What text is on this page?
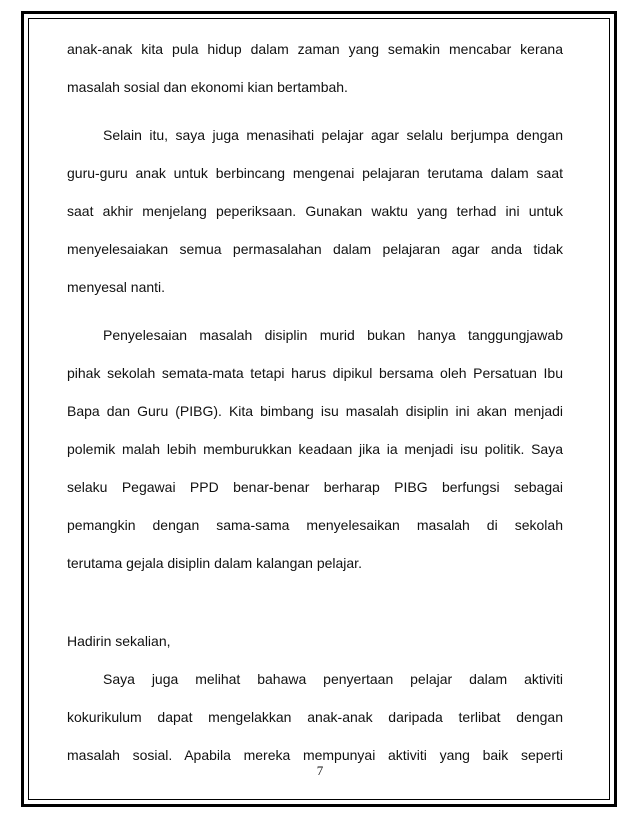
anak-anak kita pula hidup dalam zaman yang semakin mencabar kerana
masalah sosial dan ekonomi kian bertambah.
Selain itu, saya juga menasihati pelajar agar selalu berjumpa dengan
guru-guru anak untuk berbincang mengenai pelajaran terutama dalam saat
saat akhir menjelang peperiksaan. Gunakan waktu yang terhad ini untuk
menyelesaiakan semua permasalahan dalam pelajaran agar anda tidak
menyesal nanti.
Penyelesaian masalah disiplin murid bukan hanya tanggungjawab
pihak sekolah semata-mata tetapi harus dipikul bersama oleh Persatuan Ibu
Bapa dan Guru (PIBG). Kita bimbang isu masalah disiplin ini akan menjadi
polemik malah lebih memburukkan keadaan jika ia menjadi isu politik. Saya
selaku Pegawai PPD benar-benar berharap PIBG berfungsi sebagai
pemangkin dengan sama-sama menyelesaikan masalah di sekolah
terutama gejala disiplin dalam kalangan pelajar.
Hadirin sekalian,
Saya juga melihat bahawa penyertaan pelajar dalam aktiviti
kokurikulum dapat mengelakkan anak-anak daripada terlibat dengan
masalah sosial. Apabila mereka mempunyai aktiviti yang baik seperti
7
